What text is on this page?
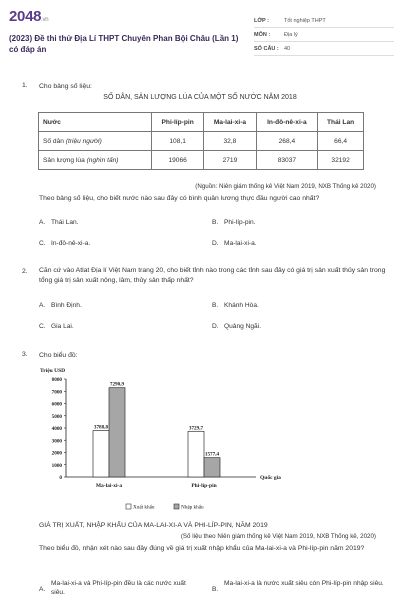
2048.vn
(2023) Đề thi thử Địa Lí THPT Chuyên Phan Bội Châu (Lần 1) có đáp án
LỚP :	Tốt nghiệp THPT
MÔN :	Địa lý
SỐ CÂU : 40
1. Cho bảng số liệu:
SỐ DÂN, SẢN LƯỢNG LÚA CỦA MỘT SỐ NƯỚC NĂM 2018
Nước	Phi-líp-pin	Ma-lai-xi-a	In-đô-nê-xi-a	Thái Lan
Số dân (triệu người)	108,1	32,8	268,4	66,4
Sản lượng lúa (nghìn tấn)	19066	2719	83037	32192
(Nguồn: Niên giám thống kê Việt Nam 2019, NXB Thống kê 2020)
Theo bảng số liệu, cho biết nước nào sau đây có bình quân lương thực đầu người cao nhất?
A. Thái Lan.	B. Phi-líp-pin.
C. In-đô-nê-xi-a.	D. Ma-lai-xi-a.
2. Căn cứ vào Atlat Địa lí Việt Nam trang 20, cho biết tỉnh nào trong các tỉnh sau đây có giá trị sản xuất thủy sản trong tổng giá trị sản xuất nông, lâm, thủy sản thấp nhất?
A. Bình Định.	B. Khánh Hòa.
C. Gia Lai.	D. Quảng Ngãi.
3. Cho biểu đồ:
Triệu USD
0
1000
2000
3000
4000
5000
6000
7000
8000
Quốc gia
Ma-lai-xi-a	Phi-líp-pin
3788,8
7290,9
3729,7
1577,4
Xuất khẩu	Nhập khẩu
GIÁ TRỊ XUẤT, NHẬP KHẨU CỦA MA-LAI-XI-A VÀ PHI-LÍP-PIN, NĂM 2019
(Số liệu theo Niên giám thống kê Việt Nam 2019, NXB Thống kê, 2020)
Theo biểu đồ, nhận xét nào sau đây đúng về giá trị xuất nhập khẩu của Ma-lai-xi-a và Phi-líp-pin năm 2019?
A.Ma-lai-xi-a và Phi-líp-pin đều là các nước xuất siêu.	B.Ma-lai-xi-a là nước xuất siêu còn Phi-líp-pin nhập siêu.
